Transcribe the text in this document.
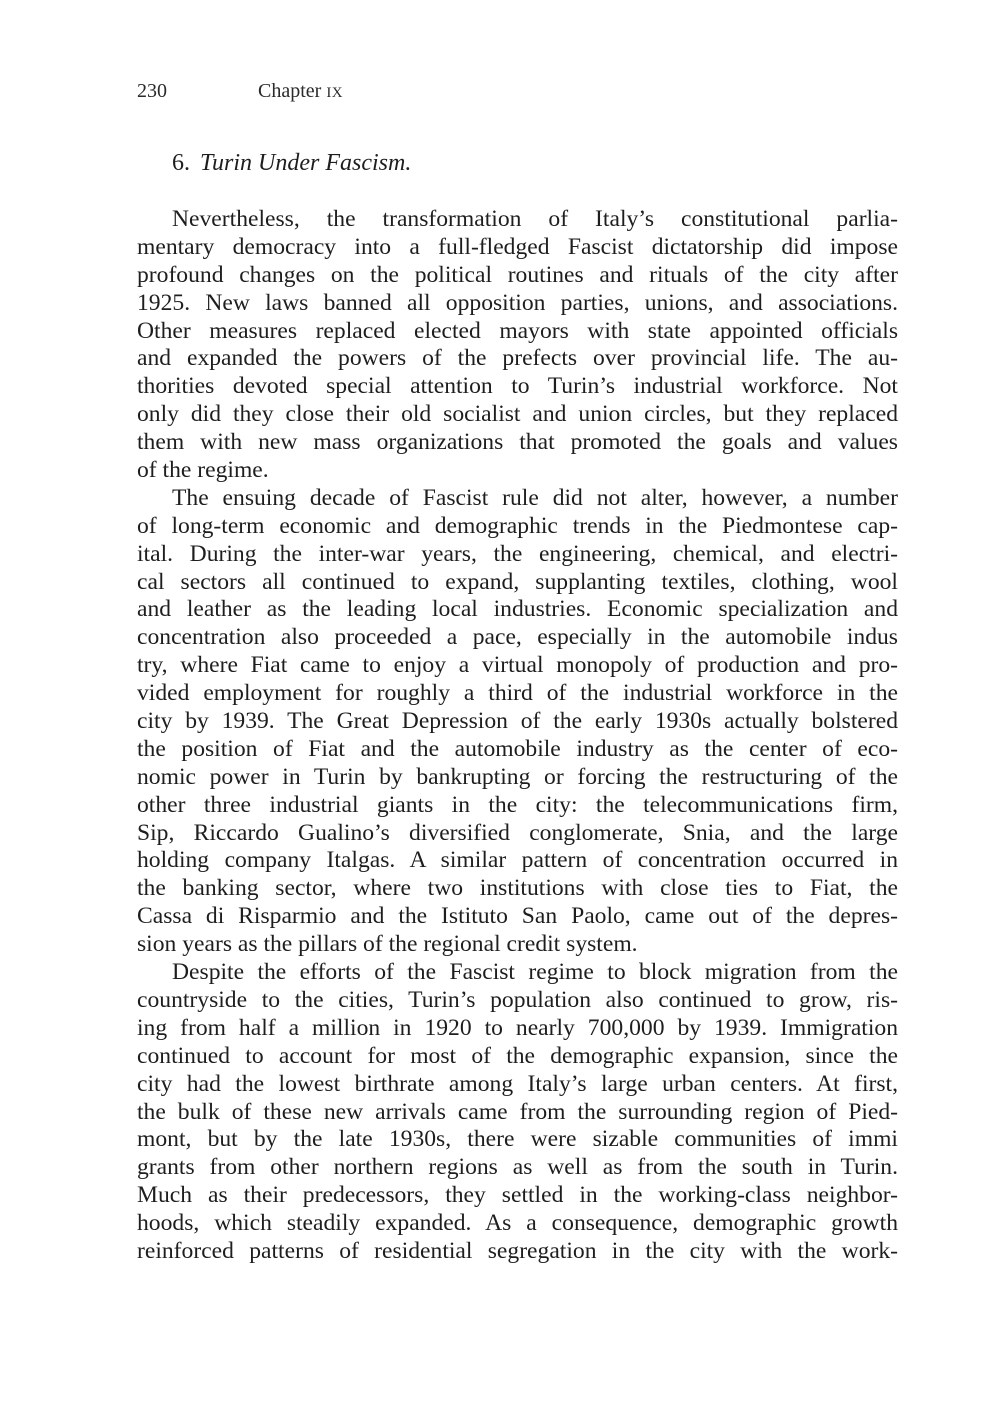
230	Chapter IX
6. Turin Under Fascism.
Nevertheless, the transformation of Italy’s constitutional parlia-
mentary democracy into a full-fledged Fascist dictatorship did impose
profound changes on the political routines and rituals of the city after
1925. New laws banned all opposition parties, unions, and associations.
Other measures replaced elected mayors with state appointed officials
and expanded the powers of the prefects over provincial life. The au-
thorities devoted special attention to Turin’s industrial workforce. Not
only did they close their old socialist and union circles, but they replaced
them with new mass organizations that promoted the goals and values
of the regime.
The ensuing decade of Fascist rule did not alter, however, a number
of long-term economic and demographic trends in the Piedmontese cap-
ital. During the inter-war years, the engineering, chemical, and electri-
cal sectors all continued to expand, supplanting textiles, clothing, wool
and leather as the leading local industries. Economic specialization and
concentration also proceeded a pace, especially in the automobile indus
try, where Fiat came to enjoy a virtual monopoly of production and pro-
vided employment for roughly a third of the industrial workforce in the
city by 1939. The Great Depression of the early 1930s actually bolstered
the position of Fiat and the automobile industry as the center of eco-
nomic power in Turin by bankrupting or forcing the restructuring of the
other three industrial giants in the city: the telecommunications firm,
Sip, Riccardo Gualino’s diversified conglomerate, Snia, and the large
holding company Italgas. A similar pattern of concentration occurred in
the banking sector, where two institutions with close ties to Fiat, the
Cassa di Risparmio and the Istituto San Paolo, came out of the depres-
sion years as the pillars of the regional credit system.
Despite the efforts of the Fascist regime to block migration from the
countryside to the cities, Turin’s population also continued to grow, ris-
ing from half a million in 1920 to nearly 700,000 by 1939. Immigration
continued to account for most of the demographic expansion, since the
city had the lowest birthrate among Italy’s large urban centers. At first,
the bulk of these new arrivals came from the surrounding region of Pied-
mont, but by the late 1930s, there were sizable communities of immi
grants from other northern regions as well as from the south in Turin.
Much as their predecessors, they settled in the working-class neighbor-
hoods, which steadily expanded. As a consequence, demographic growth
reinforced patterns of residential segregation in the city with the work-
